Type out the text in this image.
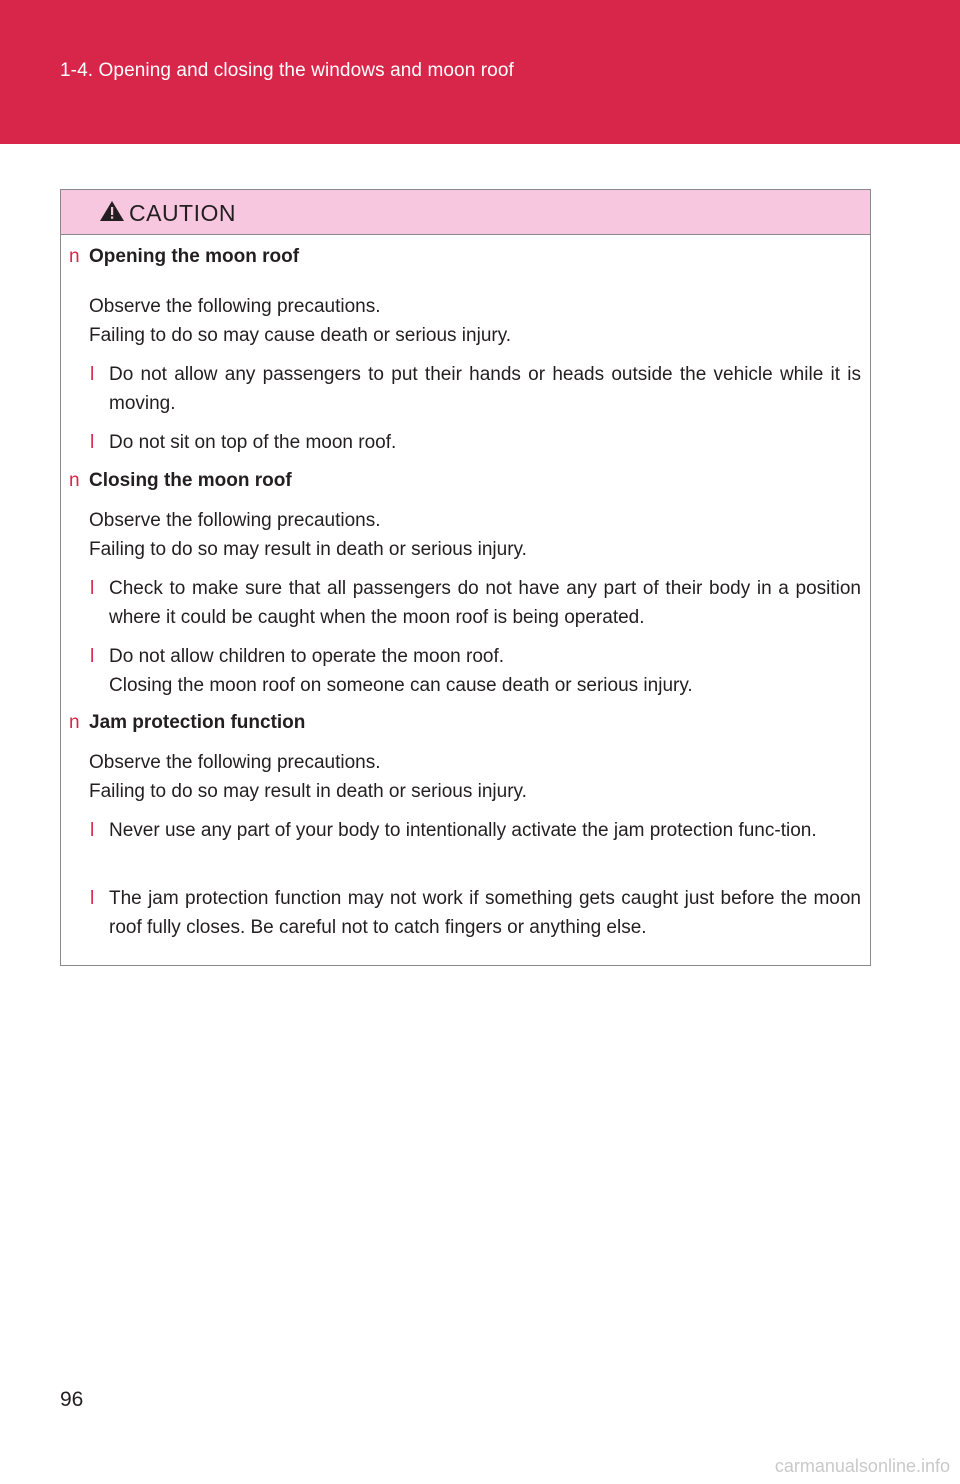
1-4. Opening and closing the windows and moon roof
CAUTION
n Opening the moon roof
Observe the following precautions.
Failing to do so may cause death or serious injury.
l Do not allow any passengers to put their hands or heads outside the vehicle while it is moving.
l Do not sit on top of the moon roof.
n Closing the moon roof
Observe the following precautions.
Failing to do so may result in death or serious injury.
l Check to make sure that all passengers do not have any part of their body in a position where it could be caught when the moon roof is being operated.
l Do not allow children to operate the moon roof.
Closing the moon roof on someone can cause death or serious injury.
n Jam protection function
Observe the following precautions.
Failing to do so may result in death or serious injury.
l Never use any part of your body to intentionally activate the jam protection func-tion.
l The jam protection function may not work if something gets caught just before the moon roof fully closes. Be careful not to catch fingers or anything else.
96
carmanualsonline.info
